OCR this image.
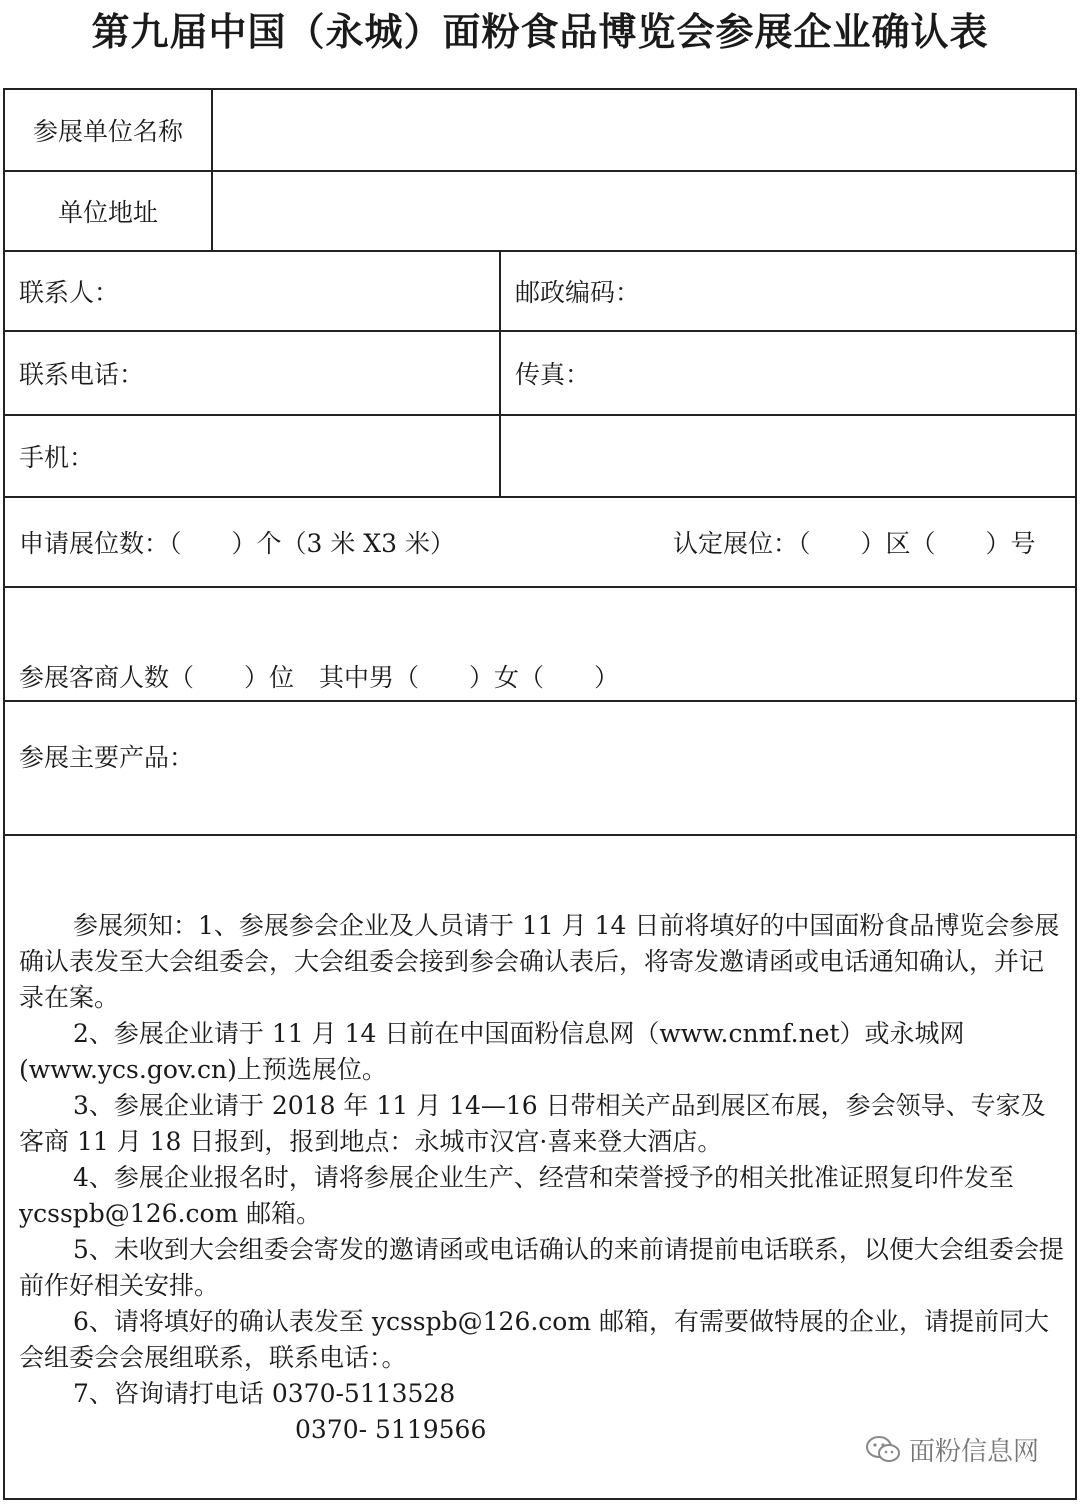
第九届中国（永城）面粉食品博览会参展企业确认表
参展单位名称
单位地址
联系人：	邮政编码：
联系电话：	传真：
手机：
申请展位数：（　　）个（3 米 X3 米）	认定展位：（　　）区（　　）号
参展客商人数（　　）位　其中男（　　）女（　　）
参展主要产品：

参展须知：1、参展参会企业及人员请于 11 月 14 日前将填好的中国面粉食品博览会参展确认表发至大会组委会，大会组委会接到参会确认表后，将寄发邀请函或电话通知确认，并记录在案。

2、参展企业请于 11 月 14 日前在中国面粉信息网（www.cnmf.net）或永城网(www.ycs.gov.cn)上预选展位。

3、参展企业请于 2018 年 11 月 14—16 日带相关产品到展区布展，参会领导、专家及客商 11 月 18 日报到，报到地点：永城市汉宫·喜来登大酒店。

4、参展企业报名时，请将参展企业生产、经营和荣誉授予的相关批准证照复印件发至 ycsspb@126.com 邮箱。

5、未收到大会组委会寄发的邀请函或电话确认的来前请提前电话联系，以便大会组委会提前作好相关安排。

6、请将填好的确认表发至 ycsspb@126.com 邮箱，有需要做特展的企业，请提前同大会组委会会展组联系，联系电话：。

7、咨询请打电话 0370-5113528

0370- 5119566

面粉信息网
